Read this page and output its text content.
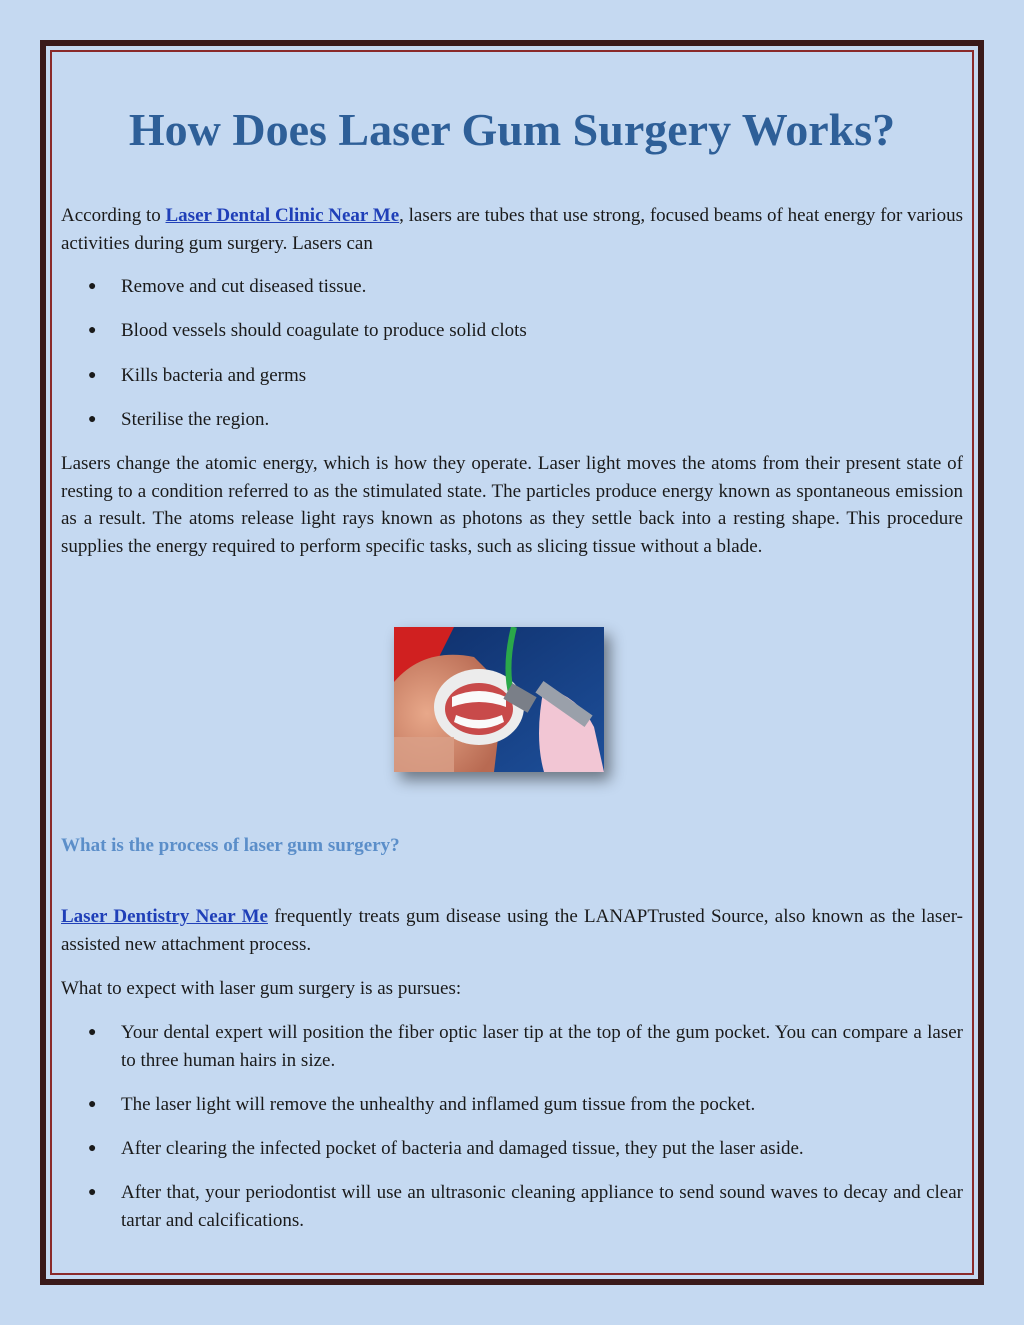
How Does Laser Gum Surgery Works?

According to Laser Dental Clinic Near Me, lasers are tubes that use strong, focused beams of heat energy for various activities during gum surgery. Lasers can

● Remove and cut diseased tissue.
● Blood vessels should coagulate to produce solid clots
● Kills bacteria and germs
● Sterilise the region.

Lasers change the atomic energy, which is how they operate. Laser light moves the atoms from their present state of resting to a condition referred to as the stimulated state. The particles produce energy known as spontaneous emission as a result. The atoms release light rays known as photons as they settle back into a resting shape. This procedure supplies the energy required to perform specific tasks, such as slicing tissue without a blade.

What is the process of laser gum surgery?

Laser Dentistry Near Me frequently treats gum disease using the LANAPTrusted Source, also known as the laser-assisted new attachment process.

What to expect with laser gum surgery is as pursues:

● Your dental expert will position the fiber optic laser tip at the top of the gum pocket. You can compare a laser to three human hairs in size.
● The laser light will remove the unhealthy and inflamed gum tissue from the pocket.
● After clearing the infected pocket of bacteria and damaged tissue, they put the laser aside.
● After that, your periodontist will use an ultrasonic cleaning appliance to send sound waves to decay and clear tartar and calcifications.
